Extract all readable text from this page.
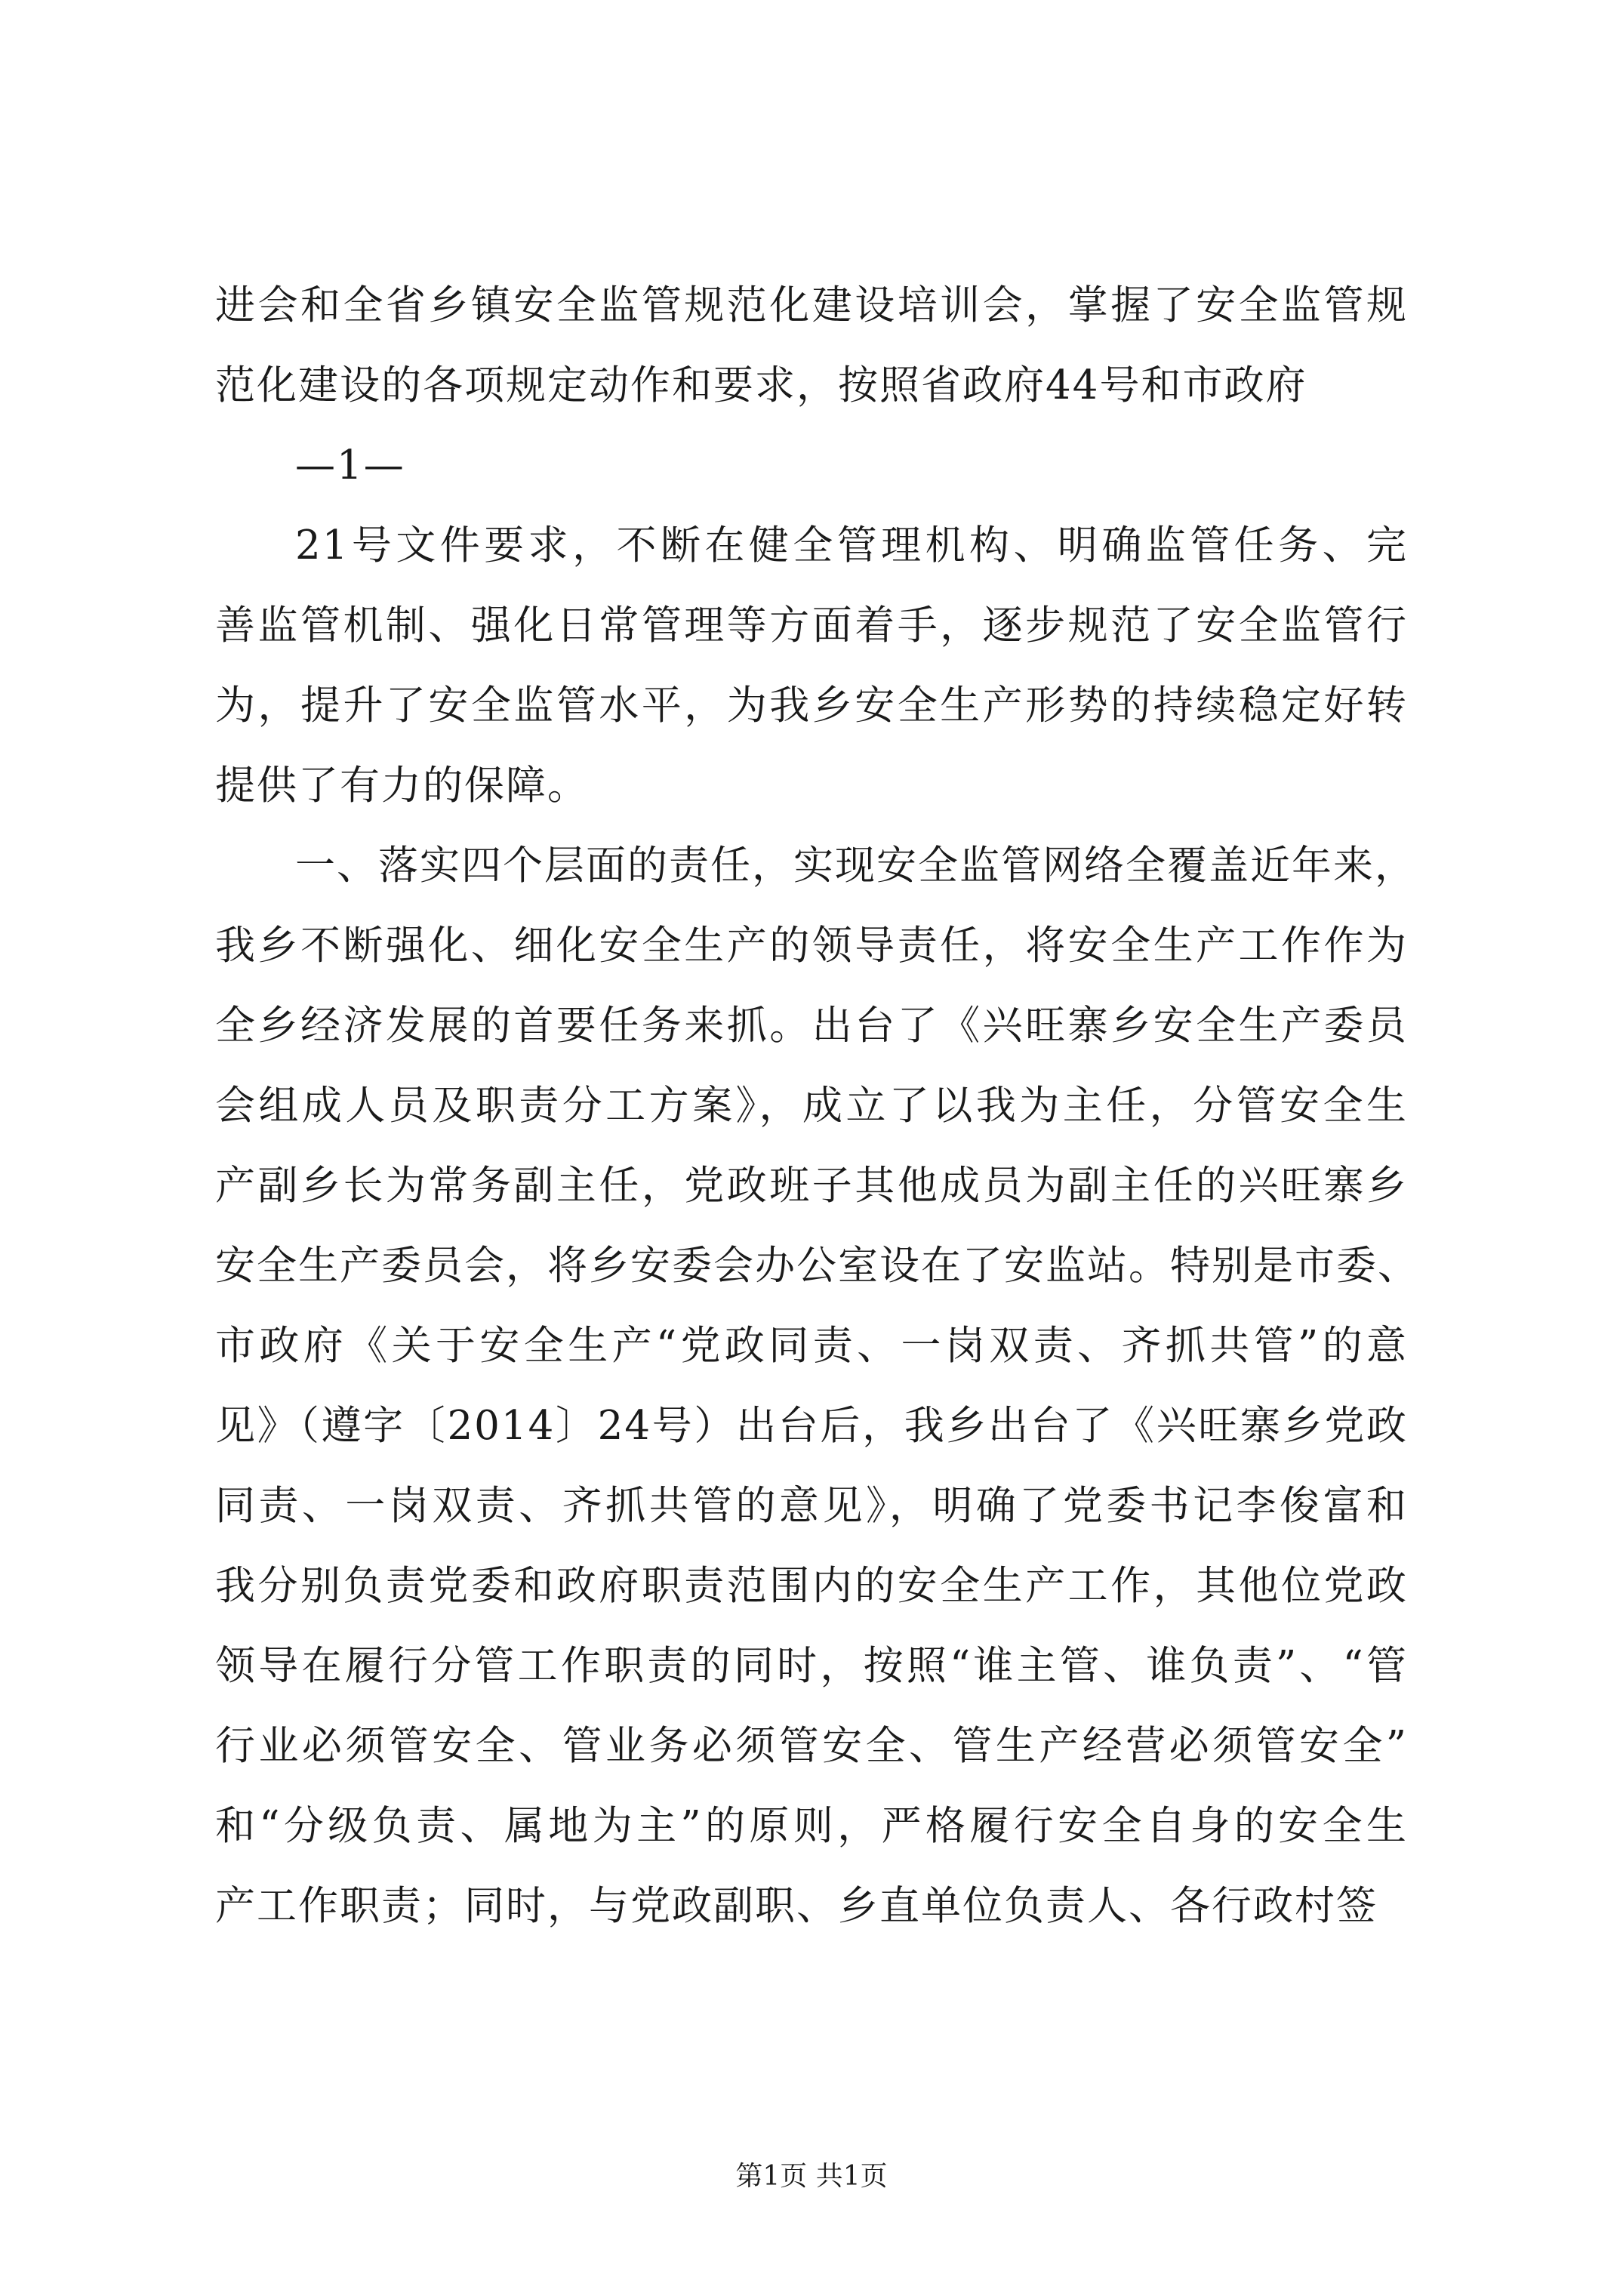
进会和全省乡镇安全监管规范化建设培训会，掌握了安全监管规
范化建设的各项规定动作和要求，按照省政府44号和市政府
—1—
21号文件要求，不断在健全管理机构、明确监管任务、完
善监管机制、强化日常管理等方面着手，逐步规范了安全监管行
为，提升了安全监管水平，为我乡安全生产形势的持续稳定好转
提供了有力的保障。
一、落实四个层面的责任，实现安全监管网络全覆盖近年来，
我乡不断强化、细化安全生产的领导责任，将安全生产工作作为
全乡经济发展的首要任务来抓。出台了《兴旺寨乡安全生产委员
会组成人员及职责分工方案》，成立了以我为主任，分管安全生
产副乡长为常务副主任，党政班子其他成员为副主任的兴旺寨乡
安全生产委员会，将乡安委会办公室设在了安监站。特别是市委、
市政府《关于安全生产“党政同责、一岗双责、齐抓共管”的意
见》（遵字〔2014〕24号）出台后，我乡出台了《兴旺寨乡党政
同责、一岗双责、齐抓共管的意见》，明确了党委书记李俊富和
我分别负责党委和政府职责范围内的安全生产工作，其他位党政
领导在履行分管工作职责的同时，按照“谁主管、谁负责”、“管
行业必须管安全、管业务必须管安全、管生产经营必须管安全”
和“分级负责、属地为主”的原则，严格履行安全自身的安全生
产工作职责；同时，与党政副职、乡直单位负责人、各行政村签
第1页 共1页
